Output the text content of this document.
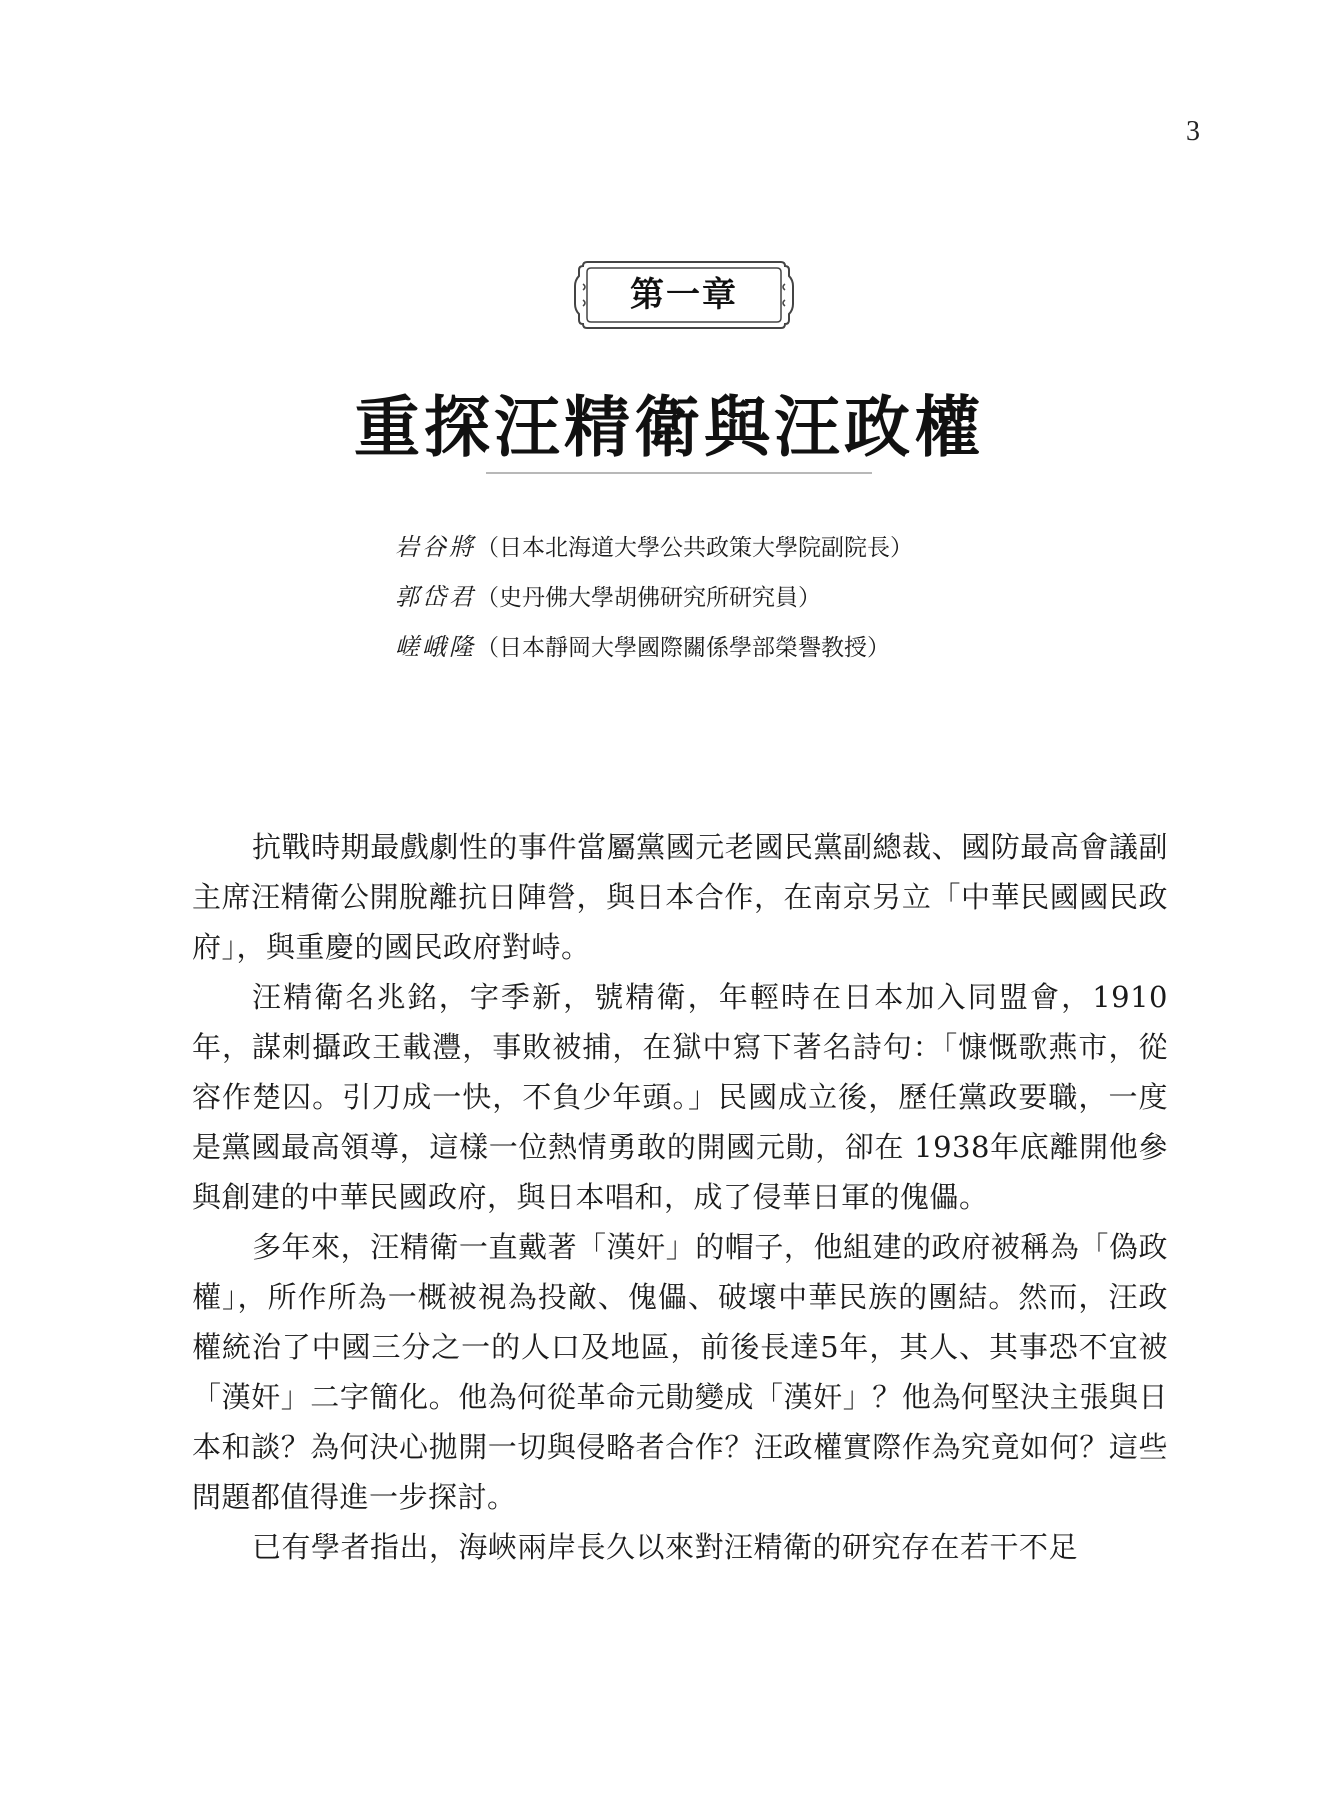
3
第一章
重探汪精衛與汪政權
岩谷將（日本北海道大學公共政策大學院副院長）
郭岱君（史丹佛大學胡佛研究所研究員）
嵯峨隆（日本靜岡大學國際關係學部榮譽教授）

抗戰時期最戲劇性的事件當屬黨國元老國民黨副總裁、國防最高會議副主席汪精衛公開脫離抗日陣營，與日本合作，在南京另立「中華民國國民政府」，與重慶的國民政府對峙。

汪精衛名兆銘，字季新，號精衛，年輕時在日本加入同盟會，1910年，謀刺攝政王載灃，事敗被捕，在獄中寫下著名詩句：「慷慨歌燕市，從容作楚囚。引刀成一快，不負少年頭。」民國成立後，歷任黨政要職，一度是黨國最高領導，這樣一位熱情勇敢的開國元勛，卻在 1938年底離開他參與創建的中華民國政府，與日本唱和，成了侵華日軍的傀儡。

多年來，汪精衛一直戴著「漢奸」的帽子，他組建的政府被稱為「偽政權」，所作所為一概被視為投敵、傀儡、破壞中華民族的團結。然而，汪政權統治了中國三分之一的人口及地區，前後長達5年，其人、其事恐不宜被「漢奸」二字簡化。他為何從革命元勛變成「漢奸」？他為何堅決主張與日本和談？為何決心拋開一切與侵略者合作？汪政權實際作為究竟如何？這些問題都值得進一步探討。

已有學者指出，海峽兩岸長久以來對汪精衛的研究存在若干不足
